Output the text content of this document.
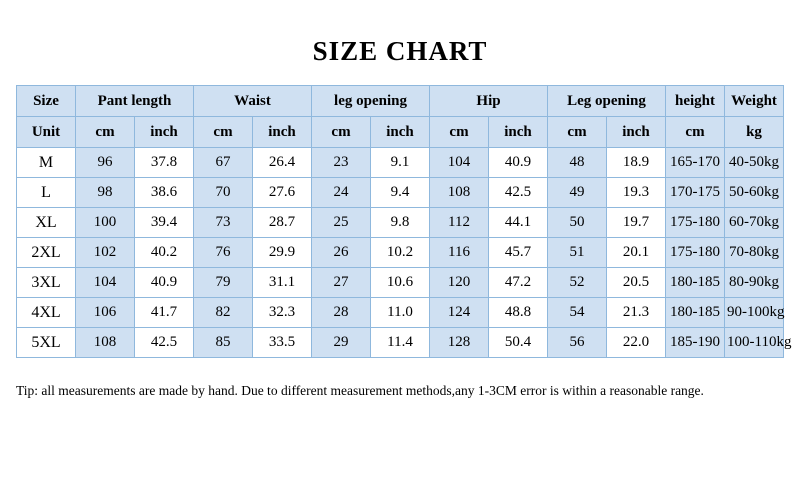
SIZE CHART
Size	Pant length		Waist		leg opening		Hip		Leg opening		height	Weight
Unit	cm	inch	cm	inch	cm	inch	cm	inch	cm	inch	cm	kg
M	96	37.8	67	26.4	23	9.1	104	40.9	48	18.9	165-170	40-50kg
L	98	38.6	70	27.6	24	9.4	108	42.5	49	19.3	170-175	50-60kg
XL	100	39.4	73	28.7	25	9.8	112	44.1	50	19.7	175-180	60-70kg
2XL	102	40.2	76	29.9	26	10.2	116	45.7	51	20.1	175-180	70-80kg
3XL	104	40.9	79	31.1	27	10.6	120	47.2	52	20.5	180-185	80-90kg
4XL	106	41.7	82	32.3	28	11.0	124	48.8	54	21.3	180-185	90-100kg
5XL	108	42.5	85	33.5	29	11.4	128	50.4	56	22.0	185-190	100-110kg
Tip: all measurements are made by hand. Due to different measurement methods,any 1-3CM error is within a reasonable range.
